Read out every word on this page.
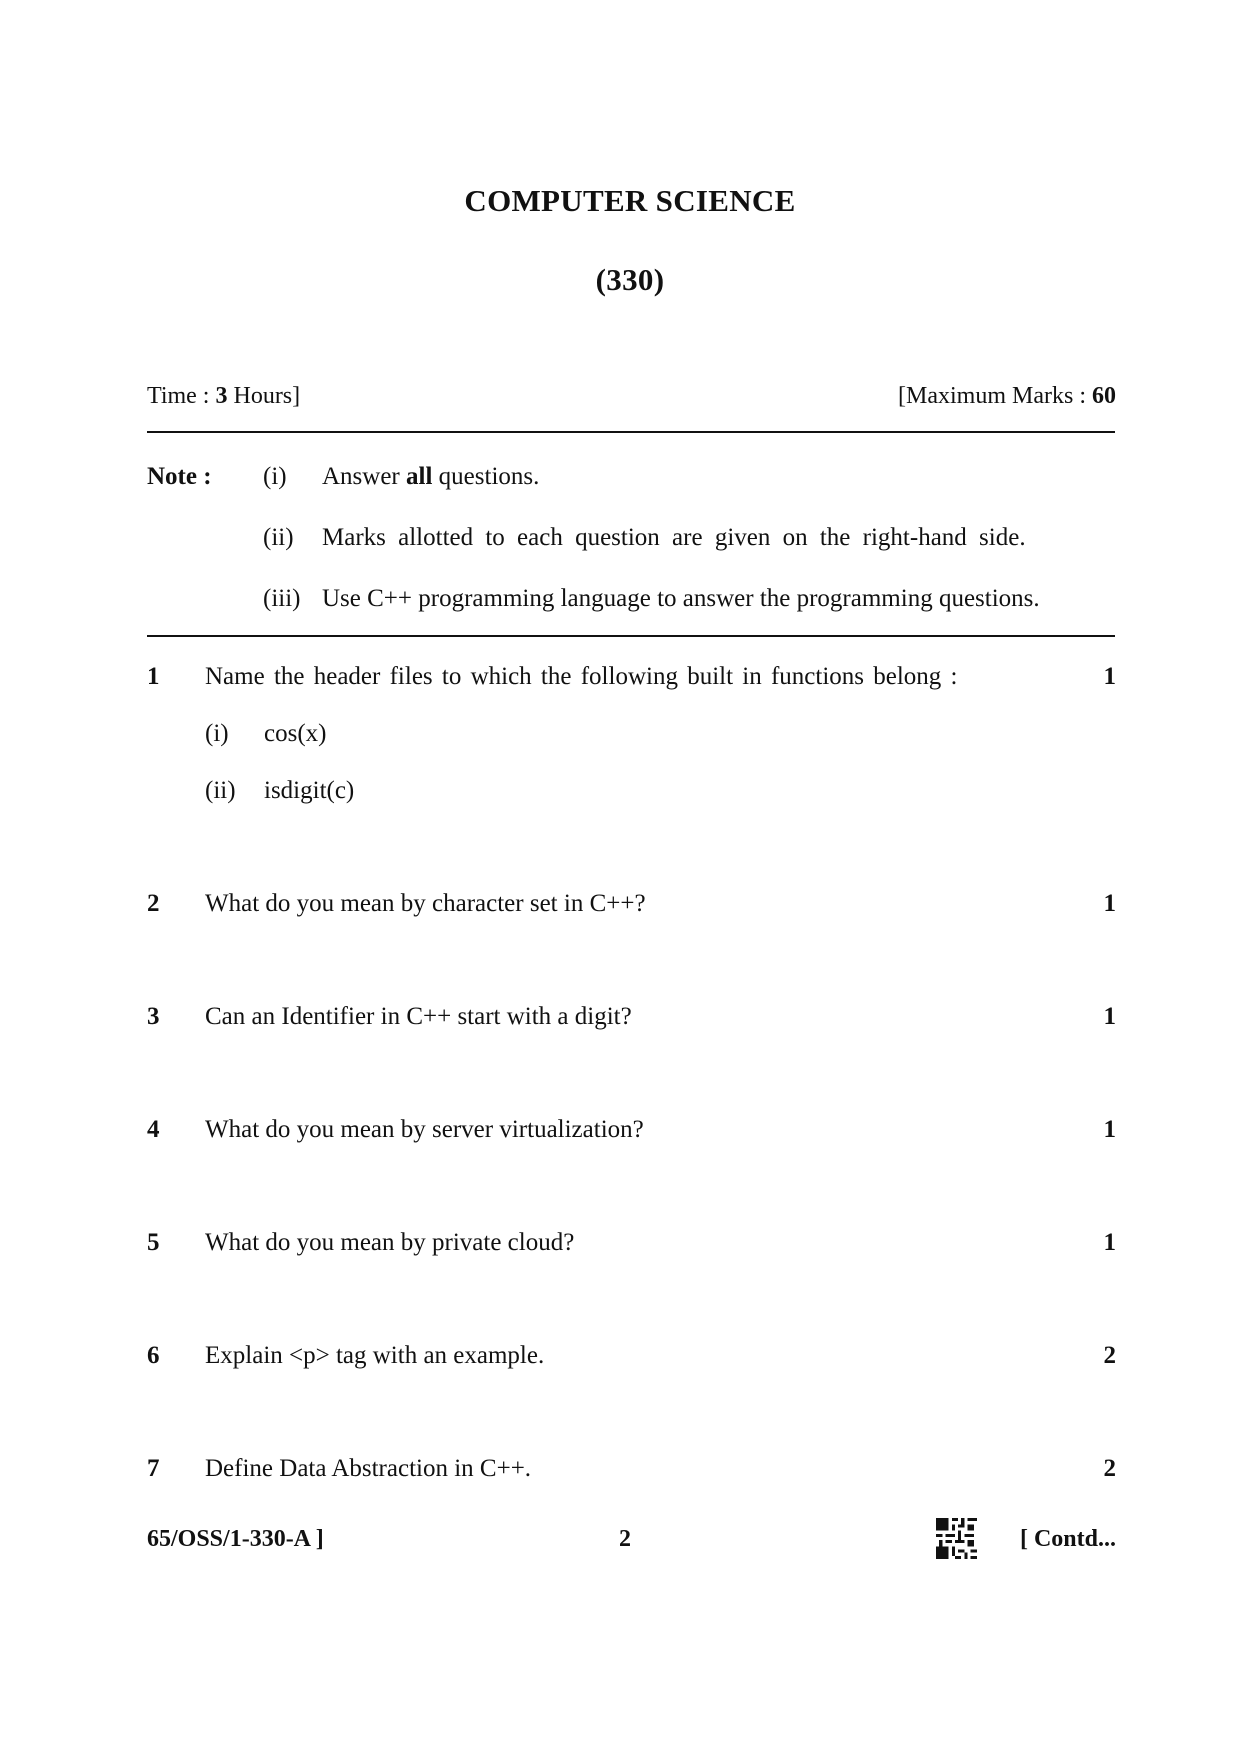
COMPUTER SCIENCE
(330)
Time : 3 Hours]	[Maximum Marks : 60
Note : (i) Answer all questions.
(ii) Marks allotted to each question are given on the right-hand side.
(iii) Use C++ programming language to answer the programming questions.
1 Name the header files to which the following built in functions belong :	1
(i) cos(x)
(ii) isdigit(c)
2 What do you mean by character set in C++?	1
3 Can an Identifier in C++ start with a digit?	1
4 What do you mean by server virtualization?	1
5 What do you mean by private cloud?	1
6 Explain <p> tag with an example.	2
7 Define Data Abstraction in C++.	2
65/OSS/1-330-A ]	2	[ Contd...
